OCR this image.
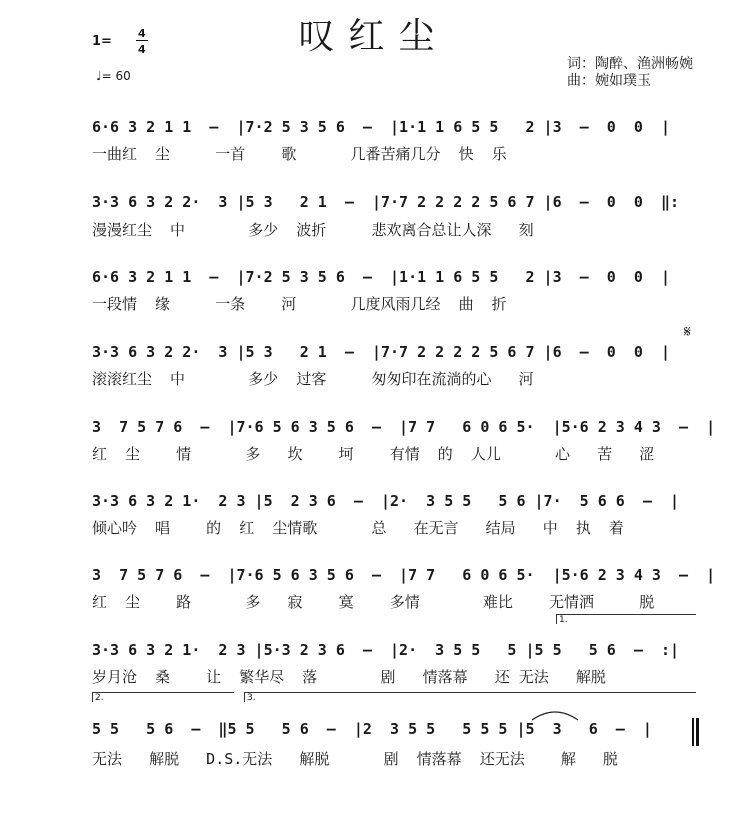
叹红尘
1=
4
4
♩= 60
词：陶醉、渔洲畅婉
曲：婉如璞玉
6·6 3 2 1 1  –  |7·2 5 3 5 6  –  |1·1 1 6 5 5   2 |3  –  0  0  |
一曲红  尘     一首    歌      几番苦痛几分  快  乐
3·3 6 3 2 2·  3 |5 3   2 1  –  |7·7 2 2 2 2 5 6 7 |6  –  0  0  ‖:
漫漫红尘  中       多少  波折     悲欢离合总让人深   刻
6·6 3 2 1 1  –  |7·2 5 3 5 6  –  |1·1 1 6 5 5   2 |3  –  0  0  |
一段情  缘     一条    河      几度风雨几经  曲  折
𝄋
3·3 6 3 2 2·  3 |5 3   2 1  –  |7·7 2 2 2 2 5 6 7 |6  –  0  0  |
滚滚红尘  中       多少  过客     匆匆印在流淌的心   河
3  7 5 7 6  –  |7·6 5 6 3 5 6  –  |7 7   6 0 6 5·  |5·6 2 3 4 3  –  |
红  尘    情      多   坎    坷    有情  的  人儿      心   苦   涩
3·3 6 3 2 1·  2 3 |5  2 3 6  –  |2·  3 5 5   5 6 |7·  5 6 6  –  |
倾心吟  唱    的  红  尘情歌      总   在无言   结局   中  执  着
3  7 5 7 6  –  |7·6 5 6 3 5 6  –  |7 7   6 0 6 5·  |5·6 2 3 4 3  –  |
红  尘    路      多   寂    寞    多情       难比    无情洒     脱
1.
3·3 6 3 2 1·  2 3 |5·3 2 3 6  –  |2·  3 5 5   5 |5 5   5 6  –  :|
岁月沧  桑    让  繁华尽  落       剧   情落幕   还 无法   解脱
2.	3.
5 5   5 6  –  ‖5 5   5 6  –  |2  3 5 5   5 5 5 |5  3   6  –  |
无法   解脱   D.S.无法   解脱      剧  情落幕  还无法    解   脱
